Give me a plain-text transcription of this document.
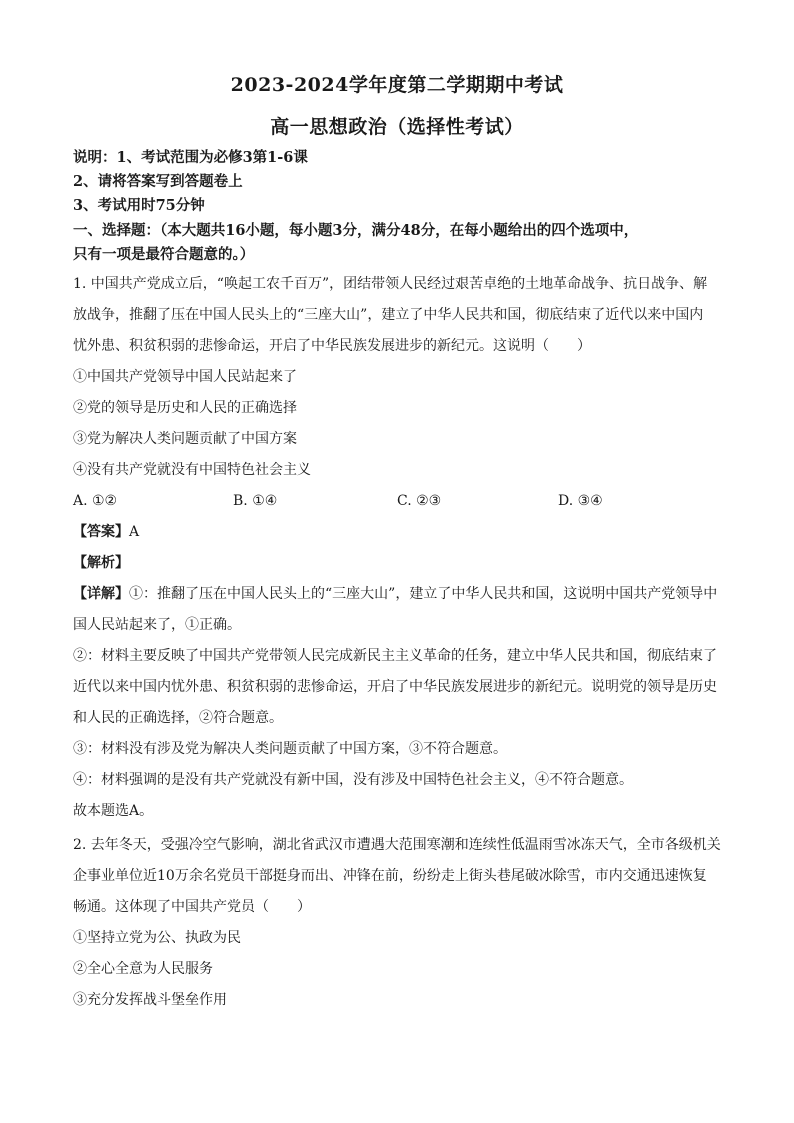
2023-2024学年度第二学期期中考试
高一思想政治（选择性考试）
说明：1、考试范围为必修3第1-6课
2、请将答案写到答题卷上
3、考试用时75分钟
一、选择题：（本大题共16小题，每小题3分，满分48分，在每小题给出的四个选项中，
只有一项是最符合题意的。）
1. 中国共产党成立后，“唤起工农千百万”，团结带领人民经过艰苦卓绝的土地革命战争、抗日战争、解
放战争，推翻了压在中国人民头上的“三座大山”，建立了中华人民共和国，彻底结束了近代以来中国内
忧外患、积贫积弱的悲惨命运，开启了中华民族发展进步的新纪元。这说明（　　）
①中国共产党领导中国人民站起来了
②党的领导是历史和人民的正确选择
③党为解决人类问题贡献了中国方案
④没有共产党就没有中国特色社会主义
A. ①②	B. ①④	C. ②③	D. ③④
【答案】A
【解析】
【详解】①：推翻了压在中国人民头上的“三座大山”，建立了中华人民共和国，这说明中国共产党领导中
国人民站起来了，①正确。
②：材料主要反映了中国共产党带领人民完成新民主主义革命的任务，建立中华人民共和国，彻底结束了
近代以来中国内忧外患、积贫积弱的悲惨命运，开启了中华民族发展进步的新纪元。说明党的领导是历史
和人民的正确选择，②符合题意。
③：材料没有涉及党为解决人类问题贡献了中国方案，③不符合题意。
④：材料强调的是没有共产党就没有新中国，没有涉及中国特色社会主义，④不符合题意。
故本题选A。
2. 去年冬天，受强冷空气影响，湖北省武汉市遭遇大范围寒潮和连续性低温雨雪冰冻天气，全市各级机关
企事业单位近10万余名党员干部挺身而出、冲锋在前，纷纷走上街头巷尾破冰除雪，市内交通迅速恢复
畅通。这体现了中国共产党员（　　）
①坚持立党为公、执政为民
②全心全意为人民服务
③充分发挥战斗堡垒作用
